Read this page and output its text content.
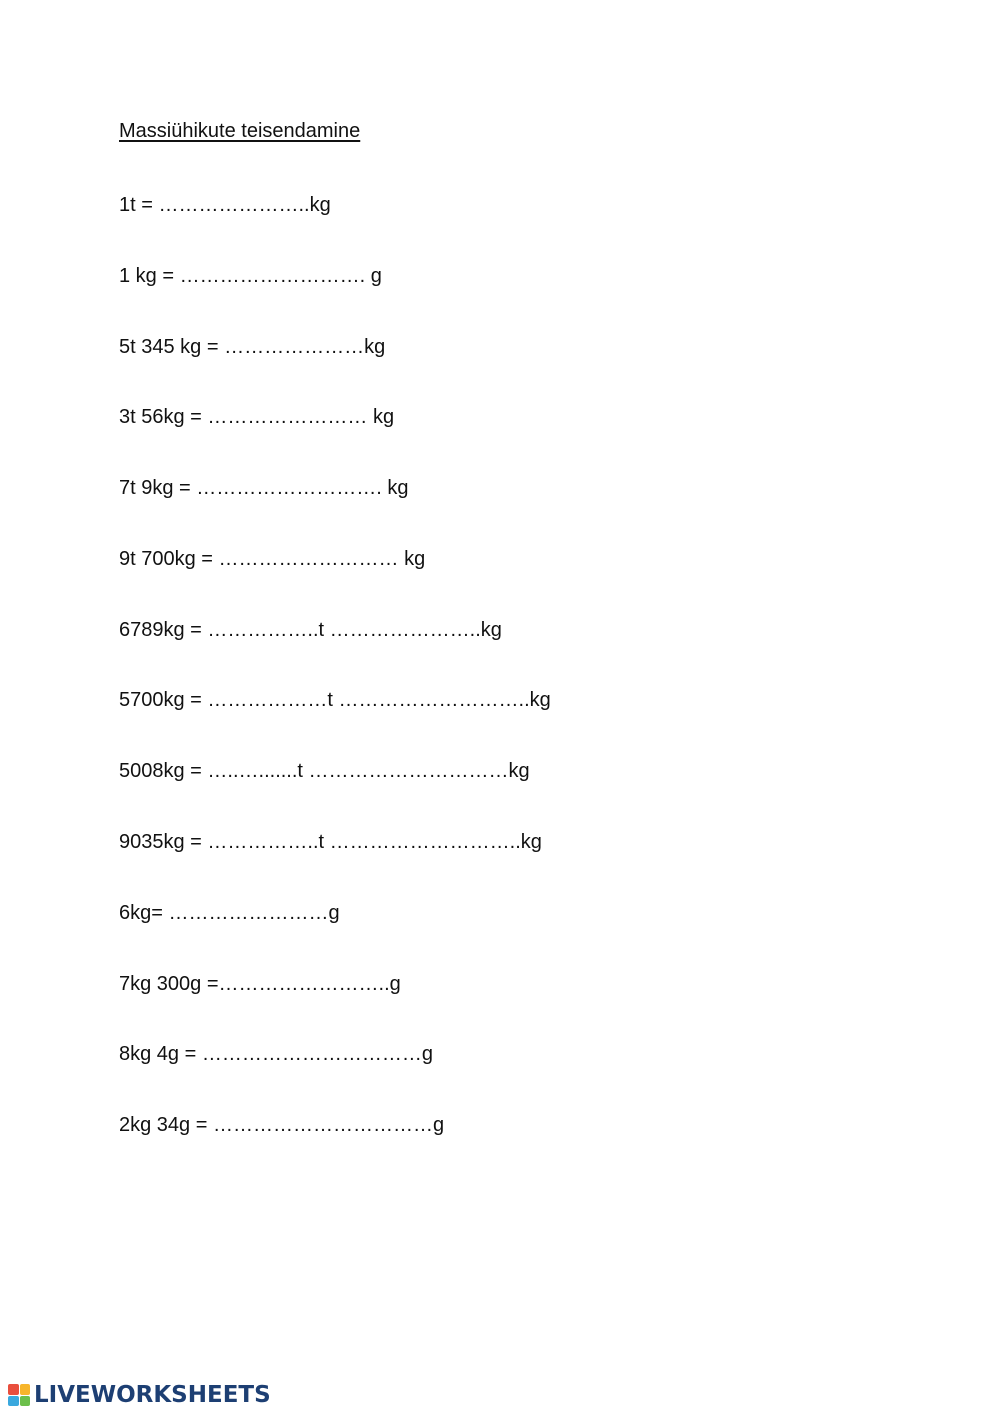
Massiühikute teisendamine
1t = …………………..kg
1 kg = ………………………. g
5t 345 kg = …………………kg
3t 56kg = …………………… kg
7t 9kg = ………………………. kg
9t 700kg = ……………………… kg
6789kg = ……………..t …………………..kg
5700kg = ………………t ………………………..kg
5008kg = …..….......t …………………………kg
9035kg = ……………..t ………………………..kg
6kg= ……………………g
7kg 300g =……………………..g
8kg 4g = ……………………………g
2kg 34g = ……………………………g
LIVEWORKSHEETS
